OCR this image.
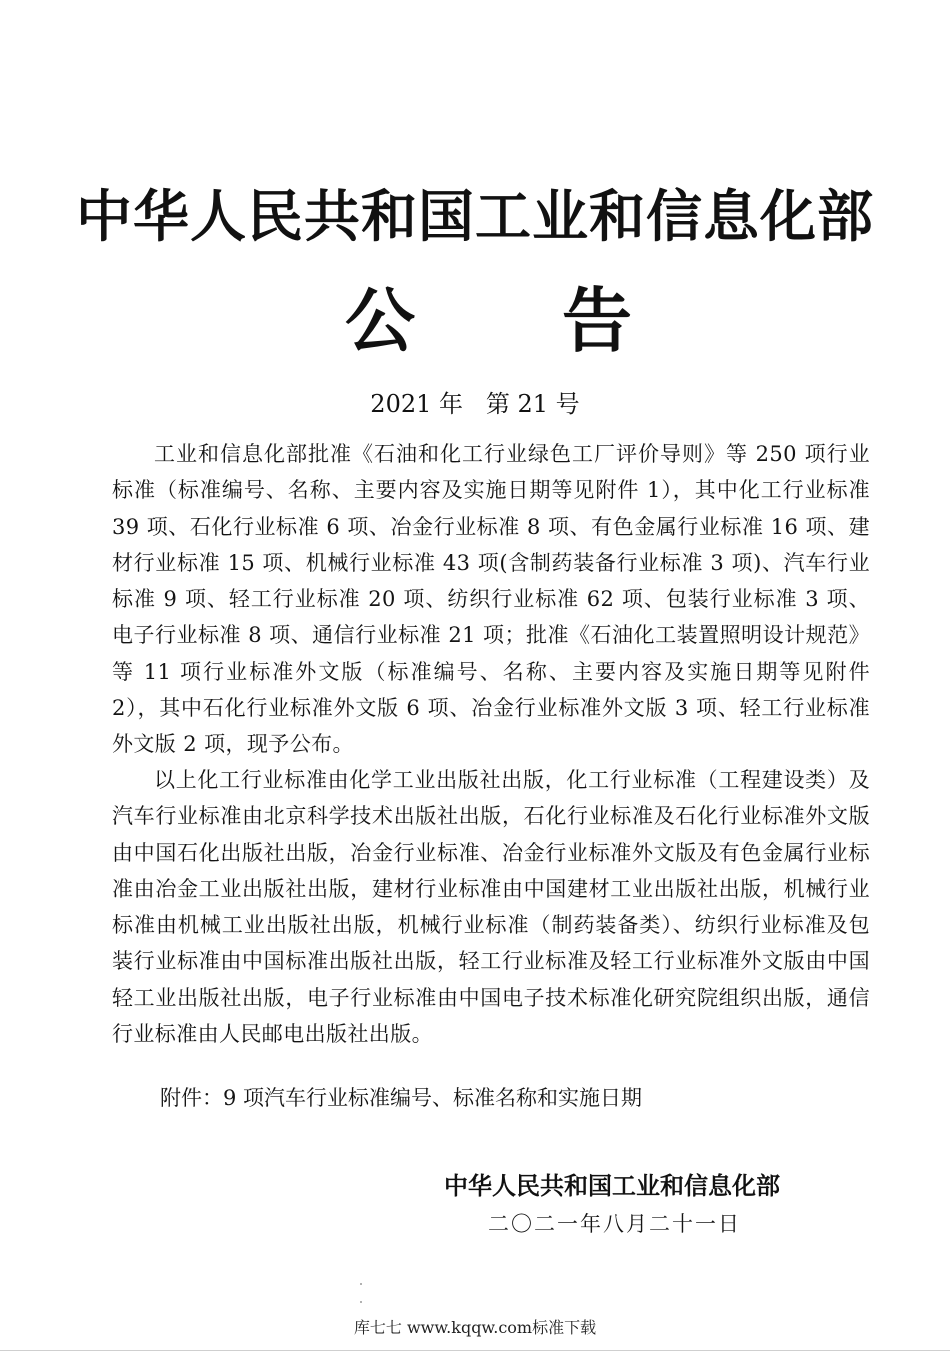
中华人民共和国工业和信息化部
公 告
2021 年   第 21 号

工业和信息化部批准《石油和化工行业绿色工厂评价导则》等 250 项行业标准（标准编号、名称、主要内容及实施日期等见附件 1），其中化工行业标准 39 项、石化行业标准 6 项、冶金行业标准 8 项、有色金属行业标准 16 项、建材行业标准 15 项、机械行业标准 43 项(含制药装备行业标准 3 项)、汽车行业标准 9 项、轻工行业标准 20 项、纺织行业标准 62 项、包装行业标准 3 项、电子行业标准 8 项、通信行业标准 21 项；批准《石油化工装置照明设计规范》等 11 项行业标准外文版（标准编号、名称、主要内容及实施日期等见附件 2），其中石化行业标准外文版 6 项、冶金行业标准外文版 3 项、轻工行业标准外文版 2 项，现予公布。

以上化工行业标准由化学工业出版社出版，化工行业标准（工程建设类）及汽车行业标准由北京科学技术出版社出版，石化行业标准及石化行业标准外文版由中国石化出版社出版，冶金行业标准、冶金行业标准外文版及有色金属行业标准由冶金工业出版社出版，建材行业标准由中国建材工业出版社出版，机械行业标准由机械工业出版社出版，机械行业标准（制药装备类）、纺织行业标准及包装行业标准由中国标准出版社出版，轻工行业标准及轻工行业标准外文版由中国轻工业出版社出版，电子行业标准由中国电子技术标准化研究院组织出版，通信行业标准由人民邮电出版社出版。

附件：9 项汽车行业标准编号、标准名称和实施日期

中华人民共和国工业和信息化部
二〇二一年八月二十一日
库七七 www.kqqw.com标准下载
